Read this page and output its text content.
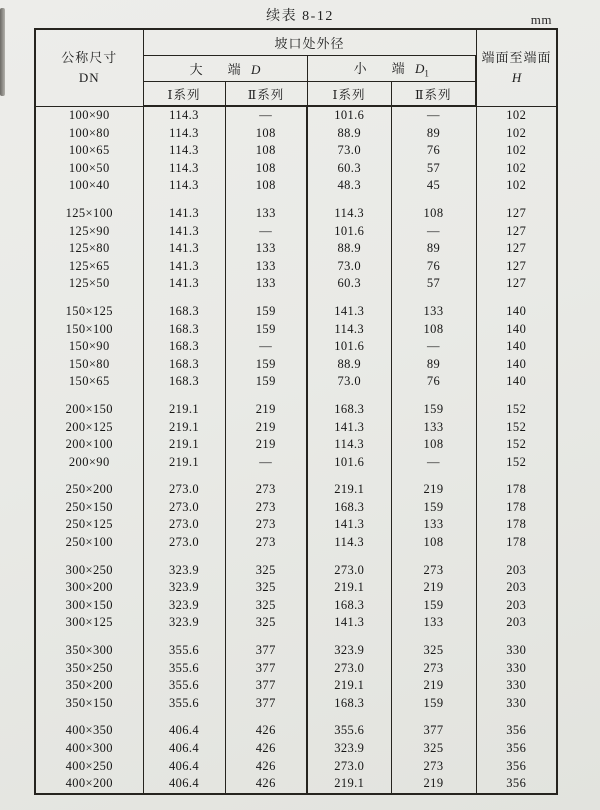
续表 8-12	mm
公称尺寸
DN
	坡口处外径	
端面至端面
H

	大　端 D		小　端 $D_1$
	Ⅰ系列	Ⅱ系列	Ⅰ系列	Ⅱ系列	
100×90	114.3	—	101.6	—	102
100×80	114.3	108	88.9	89	102
100×65	114.3	108	73.0	76	102
100×50	114.3	108	60.3	57	102
100×40	114.3	108	48.3	45	102

125×100	141.3	133	114.3	108	127
125×90	141.3	—	101.6	—	127
125×80	141.3	133	88.9	89	127
125×65	141.3	133	73.0	76	127
125×50	141.3	133	60.3	57	127

150×125	168.3	159	141.3	133	140
150×100	168.3	159	114.3	108	140
150×90	168.3	—	101.6	—	140
150×80	168.3	159	88.9	89	140
150×65	168.3	159	73.0	76	140

200×150	219.1	219	168.3	159	152
200×125	219.1	219	141.3	133	152
200×100	219.1	219	114.3	108	152
200×90	219.1	—	101.6	—	152

250×200	273.0	273	219.1	219	178
250×150	273.0	273	168.3	159	178
250×125	273.0	273	141.3	133	178
250×100	273.0	273	114.3	108	178

300×250	323.9	325	273.0	273	203
300×200	323.9	325	219.1	219	203
300×150	323.9	325	168.3	159	203
300×125	323.9	325	141.3	133	203

350×300	355.6	377	323.9	325	330
350×250	355.6	377	273.0	273	330
350×200	355.6	377	219.1	219	330
350×150	355.6	377	168.3	159	330

400×350	406.4	426	355.6	377	356
400×300	406.4	426	323.9	325	356
400×250	406.4	426	273.0	273	356
400×200	406.4	426	219.1	219	356
